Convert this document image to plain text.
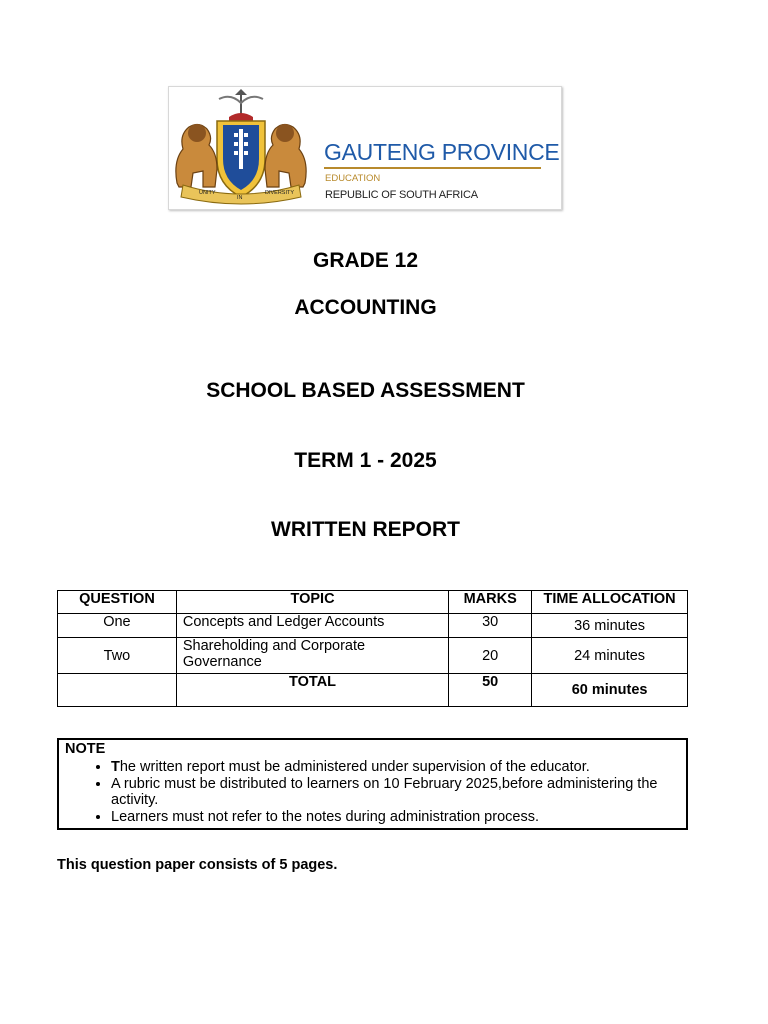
UNITY
IN
DIVERSITY
GAUTENG PROVINCE
EDUCATION
REPUBLIC OF SOUTH AFRICA
GRADE 12
ACCOUNTING
SCHOOL BASED ASSESSMENT
TERM 1 - 2025
WRITTEN REPORT
QUESTION	TOPIC	MARKS	TIME ALLOCATION
One	Concepts and Ledger Accounts	30	36 minutes
Two	Shareholding and Corporate Governance	20	24 minutes
	TOTAL	50	60 minutes
NOTE
• The written report must be administered under supervision of the educator.
• A rubric must be distributed to learners on 10 February 2025,before administering the activity.
• Learners must not refer to the notes during administration process.
This question paper consists of 5 pages.
